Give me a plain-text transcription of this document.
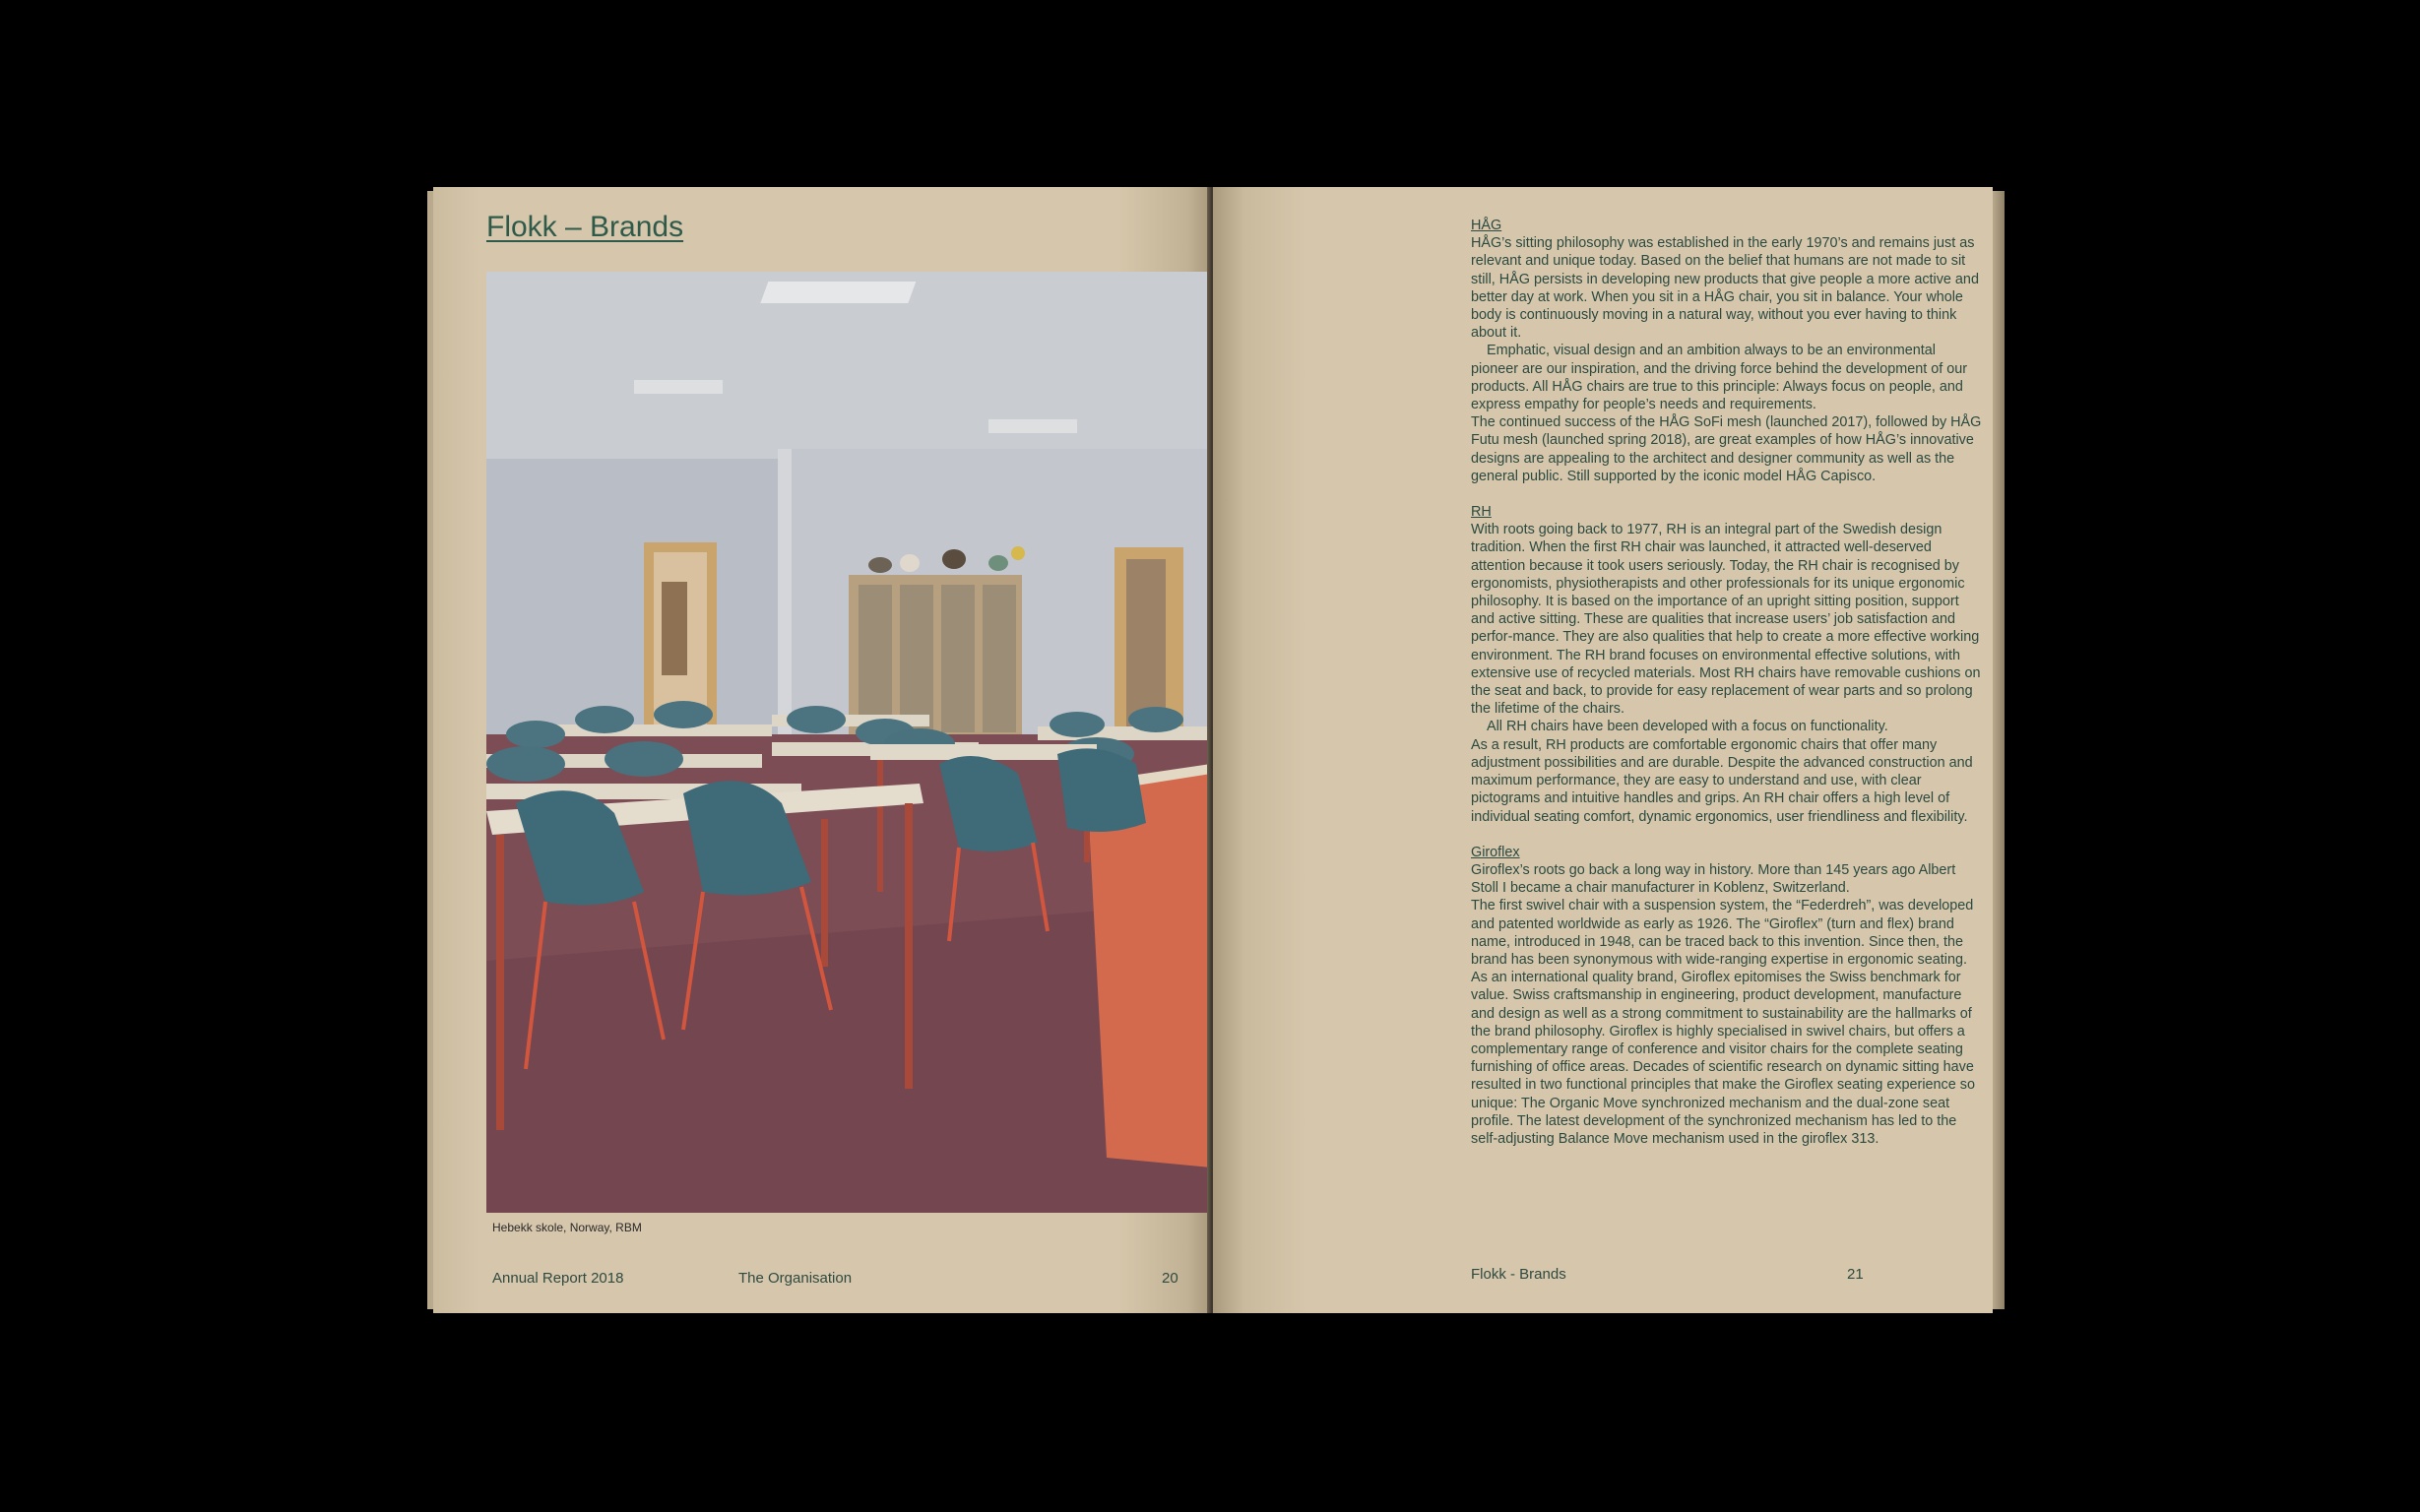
Flokk – Brands
Hebekk skole, Norway, RBM
Annual Report 2018	The Organisation	20	Flokk - Brands	21
HÅG

HÅG’s sitting philosophy was established in the early 1970’s and remains just as relevant and unique today. Based on the belief that humans are not made to sit still, HÅG persists in developing new products that give people a more active and better day at work. When you sit in a HÅG chair, you sit in balance. Your whole body is continuously moving in a natural way, without you ever having to think about it.

Emphatic, visual design and an ambition always to be an environmental pioneer are our inspiration, and the driving force behind the development of our products. All HÅG chairs are true to this principle: Always focus on people, and express empathy for people’s needs and requirements.

The continued success of the HÅG SoFi mesh (launched 2017), followed by HÅG Futu mesh (launched spring 2018), are great examples of how HÅG’s innovative designs are appealing to the architect and designer community as well as the general public. Still supported by the iconic model HÅG Capisco.

RH

With roots going back to 1977, RH is an integral part of the Swedish design tradition. When the first RH chair was launched, it attracted well-deserved attention because it took users seriously. Today, the RH chair is recognised by ergonomists, physiotherapists and other professionals for its unique ergonomic philosophy. It is based on the importance of an upright sitting position, support and active sitting. These are qualities that increase users’ job satisfaction and perfor-mance. They are also qualities that help to create a more effective working environment. The RH brand focuses on environmental effective solutions, with extensive use of recycled materials. Most RH chairs have removable cushions on the seat and back, to provide for easy replacement of wear parts and so prolong the lifetime of the chairs.

All RH chairs have been developed with a focus on functionality.

As a result, RH products are comfortable ergonomic chairs that offer many adjustment possibilities and are durable. Despite the advanced construction and maximum performance, they are easy to understand and use, with clear pictograms and intuitive handles and grips. An RH chair offers a high level of individual seating comfort, dynamic ergonomics, user friendliness and flexibility.

Giroflex

Giroflex’s roots go back a long way in history. More than 145 years ago Albert Stoll I became a chair manufacturer in Koblenz, Switzerland.

The first swivel chair with a suspension system, the “Federdreh”, was developed and patented worldwide as early as 1926. The “Giroflex” (turn and flex) brand name, introduced in 1948, can be traced back to this invention. Since then, the brand has been synonymous with wide-ranging expertise in ergonomic seating. As an international quality brand, Giroflex epitomises the Swiss benchmark for value. Swiss craftsmanship in engineering, product development, manufacture and design as well as a strong commitment to sustainability are the hallmarks of the brand philosophy. Giroflex is highly specialised in swivel chairs, but offers a complementary range of conference and visitor chairs for the complete seating furnishing of office areas. Decades of scientific research on dynamic sitting have resulted in two functional principles that make the Giroflex seating experience so unique: The Organic Move synchronized mechanism and the dual-zone seat profile. The latest development of the synchronized mechanism has led to the self-adjusting Balance Move mechanism used in the giroflex 313.
